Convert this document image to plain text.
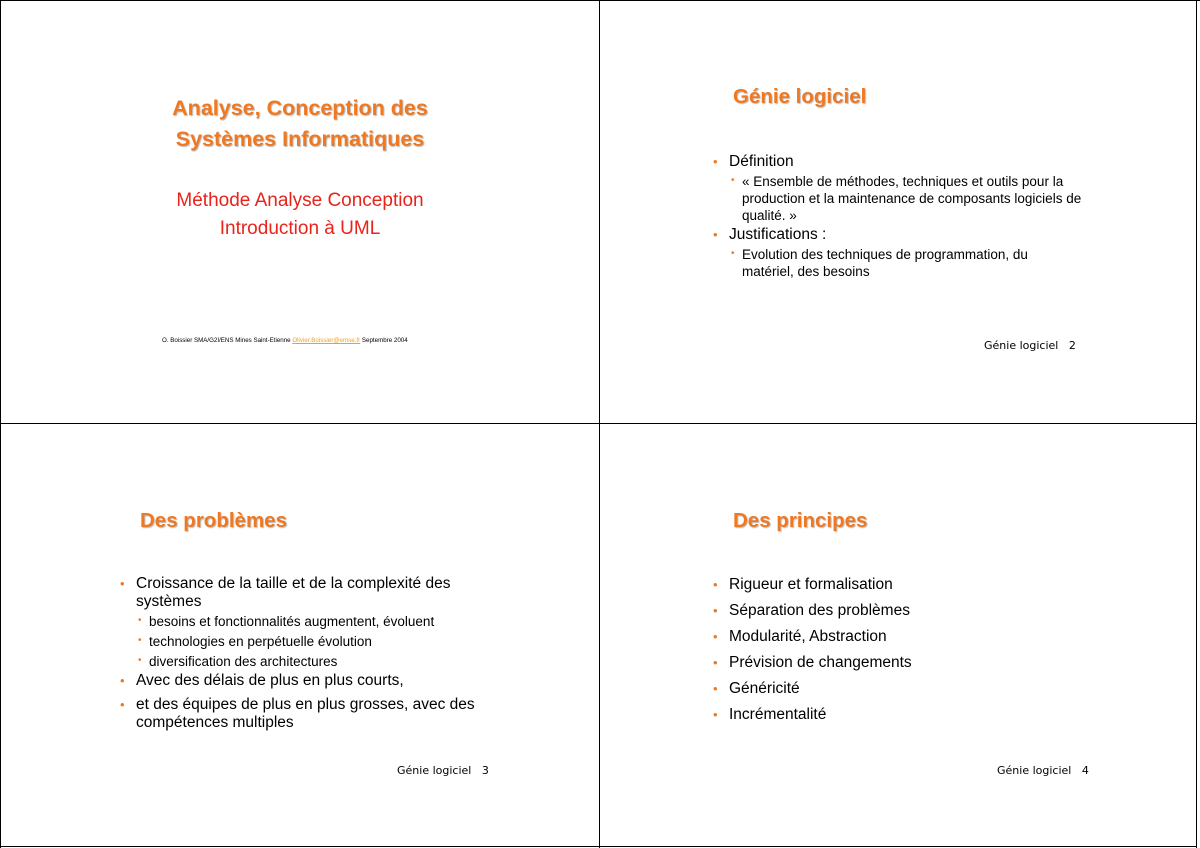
Analyse, Conception des
Systèmes Informatiques
Méthode Analyse Conception
Introduction à UML
O. Boissier SMA/G2I/ENS Mines Saint-Etienne Olivier.Boissier@emse.fr Septembre 2004
Génie logiciel
• Définition
• « Ensemble de méthodes, techniques et outils pour la production et la maintenance de composants logiciels de qualité. »
• Justifications :
• Evolution des techniques de programmation, du matériel, des besoins
Génie logiciel 2
Des problèmes
• Croissance de la taille et de la complexité des systèmes
• besoins et fonctionnalités augmentent, évoluent
• technologies en perpétuelle évolution
• diversification des architectures
• Avec des délais de plus en plus courts,
• et des équipes de plus en plus grosses, avec des compétences multiples
Génie logiciel 3
Des principes
• Rigueur et formalisation
• Séparation des problèmes
• Modularité, Abstraction
• Prévision de changements
• Généricité
• Incrémentalité
Génie logiciel 4
